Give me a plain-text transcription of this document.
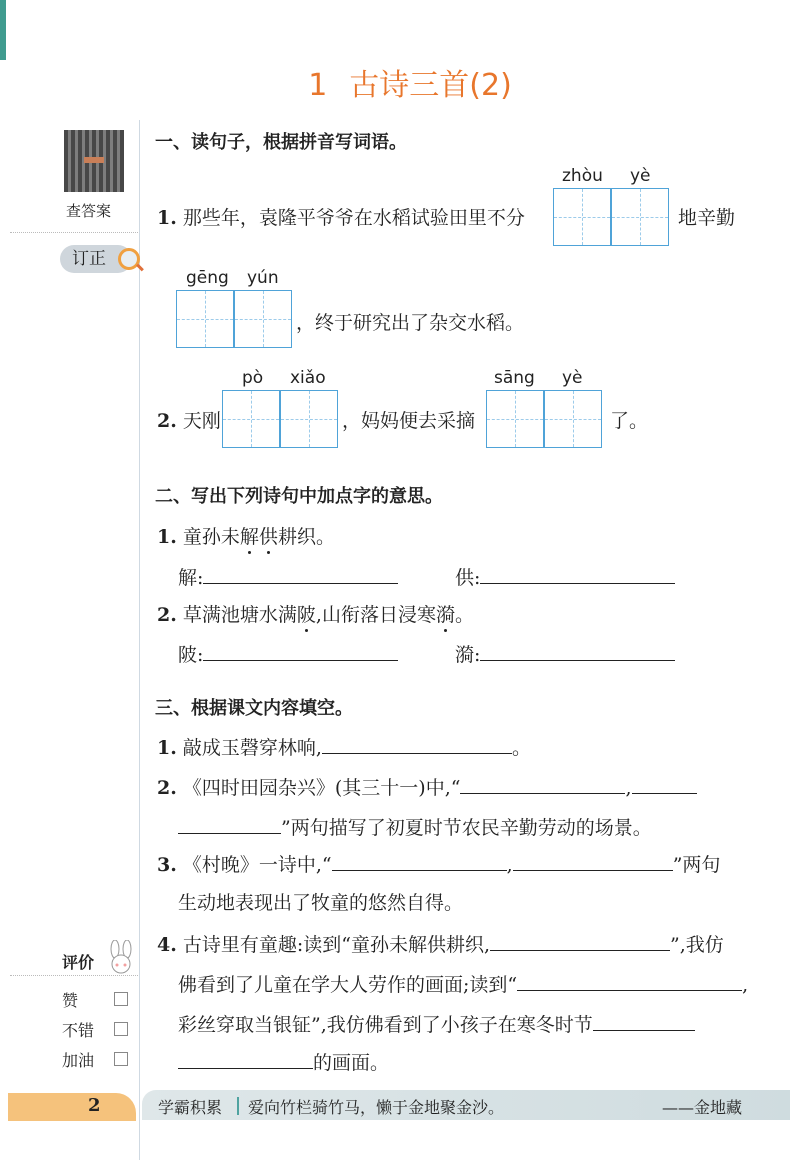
1 古诗三首(2)
查答案
订正
一、读句子，根据拼音写词语。
1. 那些年，袁隆平爷爷在水稻试验田里不分
zhòu yè
地辛勤
gēng yún
，终于研究出了杂交水稻。
2. 天刚
pò xiǎo
，妈妈便去采摘
sāng yè
了。
二、写出下列诗句中加点字的意思。
1. 童孙未解供耕织。
解:	供:
2. 草满池塘水满陂,山衔落日浸寒漪。
陂:	漪:
三、根据课文内容填空。
1. 敲成玉磬穿林响,	。
2. 《四时田园杂兴》(其三十一)中,“	,
”两句描写了初夏时节农民辛勤劳动的场景。
3. 《村晚》一诗中,“	,	”两句
生动地表现出了牧童的悠然自得。
4. 古诗里有童趣:读到“童孙未解供耕织,	”,我仿
佛看到了儿童在学大人劳作的画面;读到“	,
彩丝穿取当银钲”,我仿佛看到了小孩子在寒冬时节
的画面。
评价
赞
不错
加油
2	学霸积累 爱向竹栏骑竹马，懒于金地聚金沙。	——金地藏
